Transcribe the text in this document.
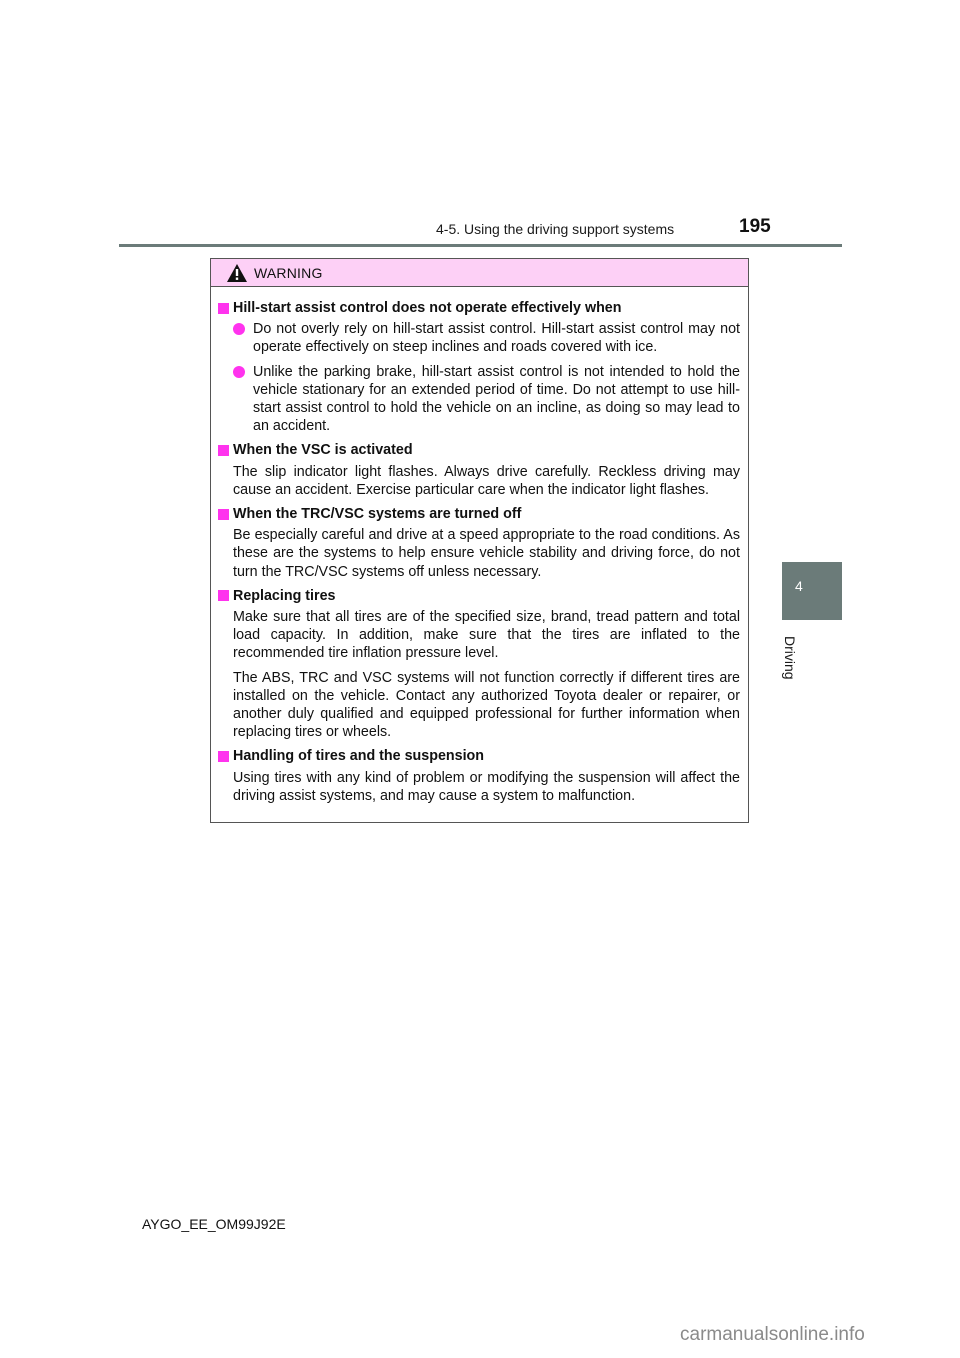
4-5. Using the driving support systems	195
4
Driving
WARNING
Hill-start assist control does not operate effectively when
Do not overly rely on hill-start assist control. Hill-start assist control may not operate effectively on steep inclines and roads covered with ice.
Unlike the parking brake, hill-start assist control is not intended to hold the vehicle stationary for an extended period of time. Do not attempt to use hill-start assist control to hold the vehicle on an incline, as doing so may lead to an accident.
When the VSC is activated
The slip indicator light flashes. Always drive carefully. Reckless driving may cause an accident. Exercise particular care when the indicator light flashes.
When the TRC/VSC systems are turned off
Be especially careful and drive at a speed appropriate to the road conditions. As these are the systems to help ensure vehicle stability and driving force, do not turn the TRC/VSC systems off unless necessary.
Replacing tires
Make sure that all tires are of the specified size, brand, tread pattern and total load capacity. In addition, make sure that the tires are inflated to the recommended tire inflation pressure level.
The ABS, TRC and VSC systems will not function correctly if different tires are installed on the vehicle. Contact any authorized Toyota dealer or repairer, or another duly qualified and equipped professional for further information when replacing tires or wheels.
Handling of tires and the suspension
Using tires with any kind of problem or modifying the suspension will affect the driving assist systems, and may cause a system to malfunction.
AYGO_EE_OM99J92E
carmanualsonline.info
